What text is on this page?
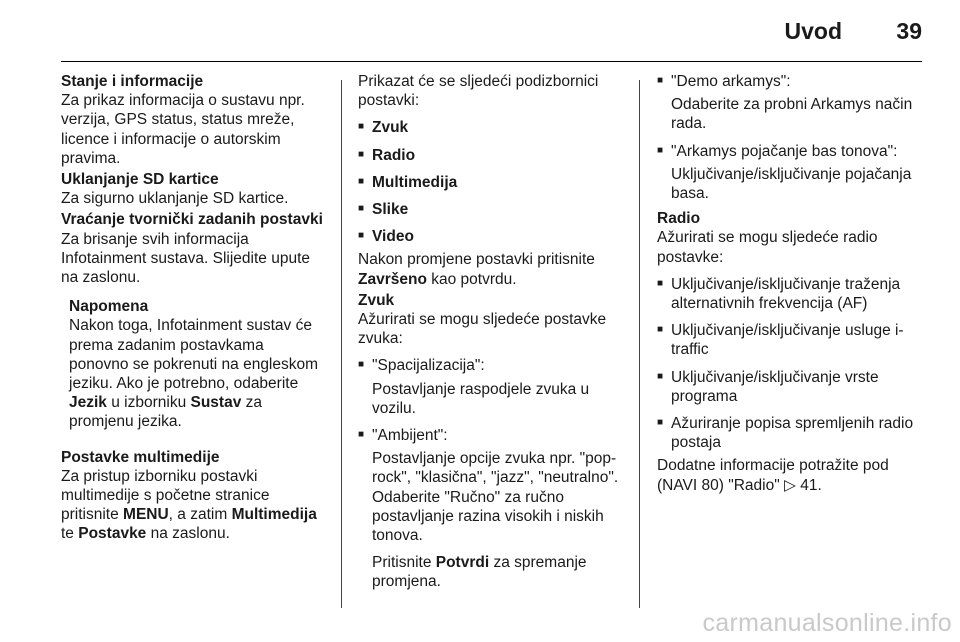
Uvod 39
Stanje i informacije
Za prikaz informacija o sustavu npr. verzija, GPS status, status mreže, licence i informacije o autorskim pravima.
Uklanjanje SD kartice
Za sigurno uklanjanje SD kartice.
Vraćanje tvornički zadanih postavki
Za brisanje svih informacija Infotainment sustava. Slijedite upute na zaslonu.
Napomena
Nakon toga, Infotainment sustav će prema zadanim postavkama ponovno se pokrenuti na engleskom jeziku. Ako je potrebno, odaberite Jezik u izborniku Sustav za promjenu jezika.
Postavke multimedije
Za pristup izborniku postavki multimedije s početne stranice pritisnite MENU, a zatim Multimedija te Postavke na zaslonu.
Prikazat će se sljedeći podizbornici postavki:
■ Zvuk
■ Radio
■ Multimedija
■ Slike
■ Video
Nakon promjene postavki pritisnite Završeno kao potvrdu.
Zvuk
Ažurirati se mogu sljedeće postavke zvuka:
■ "Spacijalizacija":
Postavljanje raspodjele zvuka u vozilu.
■ "Ambijent":
Postavljanje opcije zvuka npr. "pop-rock", "klasična", "jazz", "neutralno". Odaberite "Ručno" za ručno postavljanje razina visokih i niskih tonova.
Pritisnite Potvrdi za spremanje promjena.
■ "Demo arkamys":
Odaberite za probni Arkamys način rada.
■ "Arkamys pojačanje bas tonova":
Uključivanje/isključivanje pojačanja basa.
Radio
Ažurirati se mogu sljedeće radio postavke:
■ Uključivanje/isključivanje traženja alternativnih frekvencija (AF)
■ Uključivanje/isključivanje usluge i-traffic
■ Uključivanje/isključivanje vrste programa
■ Ažuriranje popisa spremljenih radio postaja
Dodatne informacije potražite pod (NAVI 80) "Radio" ▷ 41.
carmanualsonline.info
